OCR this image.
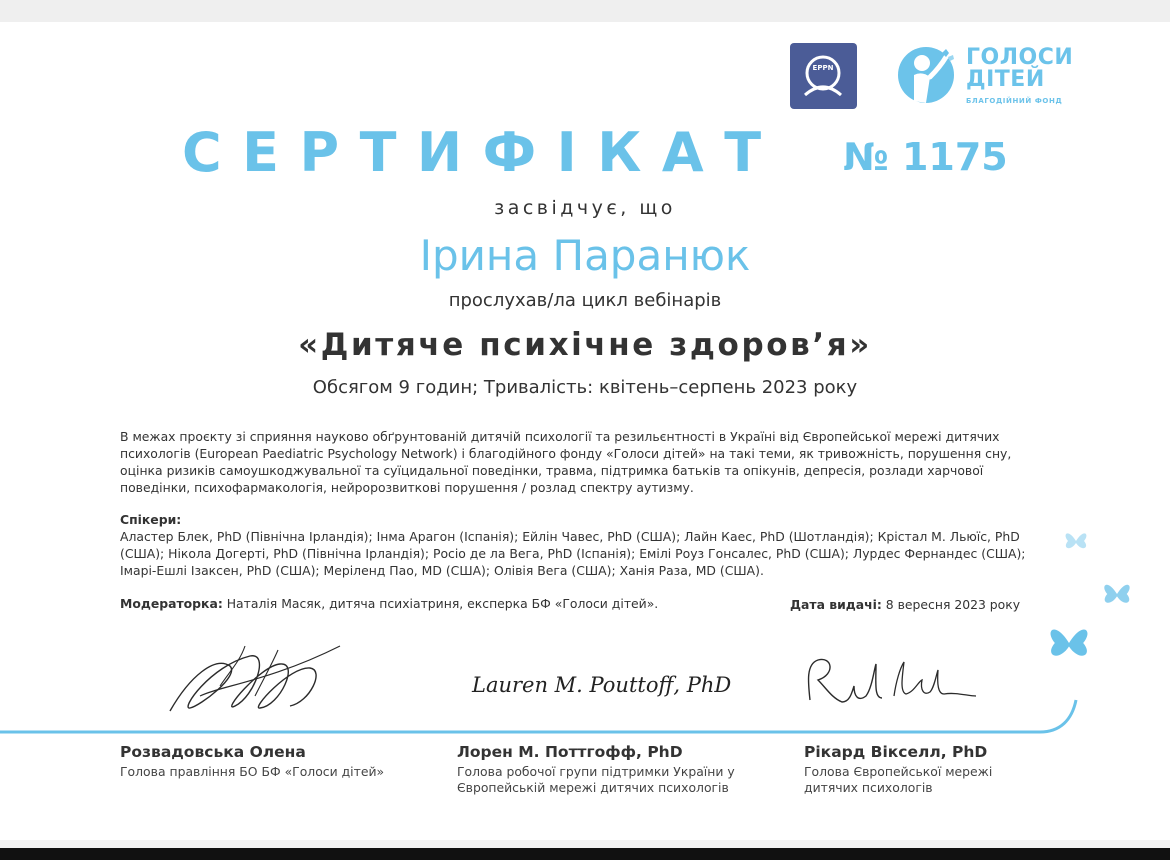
EPPN	ГОЛОСИ ДІТЕЙ
БЛАГОДІЙНИЙ ФОНД
СЕРТИФІКАТ № 1175
засвідчує, що
Ірина Паранюк
прослухав/ла цикл вебінарів
«Дитяче психічне здоров’я»
Обсягом 9 годин; Тривалість: квітень–серпень 2023 року
В межах проєкту зі сприяння науково обґрунтованій дитячій психології та резильєнтності в Україні від Європейської мережі дитячих психологів (European Paediatric Psychology Network) і благодійного фонду «Голоси дітей» на такі теми, як тривожність, порушення сну, оцінка ризиків самоушкоджувальної та суїцидальної поведінки, травма, підтримка батьків та опікунів, депресія, розлади харчової поведінки, психофармакологія, нейророзвиткові порушення / розлад спектру аутизму.
Спікери:
Аластер Блек, PhD (Північна Ірландія); Інма Арагон (Іспанія); Ейлін Чавес, PhD (США); Лайн Каес, PhD (Шотландія); Крістал М. Льюїс, PhD (США); Нікола Догерті, PhD (Північна Ірландія); Росіо де ла Вега, PhD (Іспанія); Емілі Роуз Гонсалес, PhD (США); Лурдес Фернандес (США); Імарі-Ешлі Ізаксен, PhD (США); Меріленд Пао, MD (США); Олівія Вега (США); Ханія Раза, MD (США).
Модераторка: Наталія Масяк, дитяча психіатриня, експерка БФ «Голоси дітей».	Дата видачі: 8 вересня 2023 року
Lauren M. Pouttoff, PhD
Розвадовська Олена
Голова правління БО БФ «Голоси дітей»
Лорен М. Поттгофф, PhD
Голова робочої групи підтримки України у Європейській мережі дитячих психологів
Рікард Віксeлл, PhD
Голова Європейської мережі дитячих психологів
